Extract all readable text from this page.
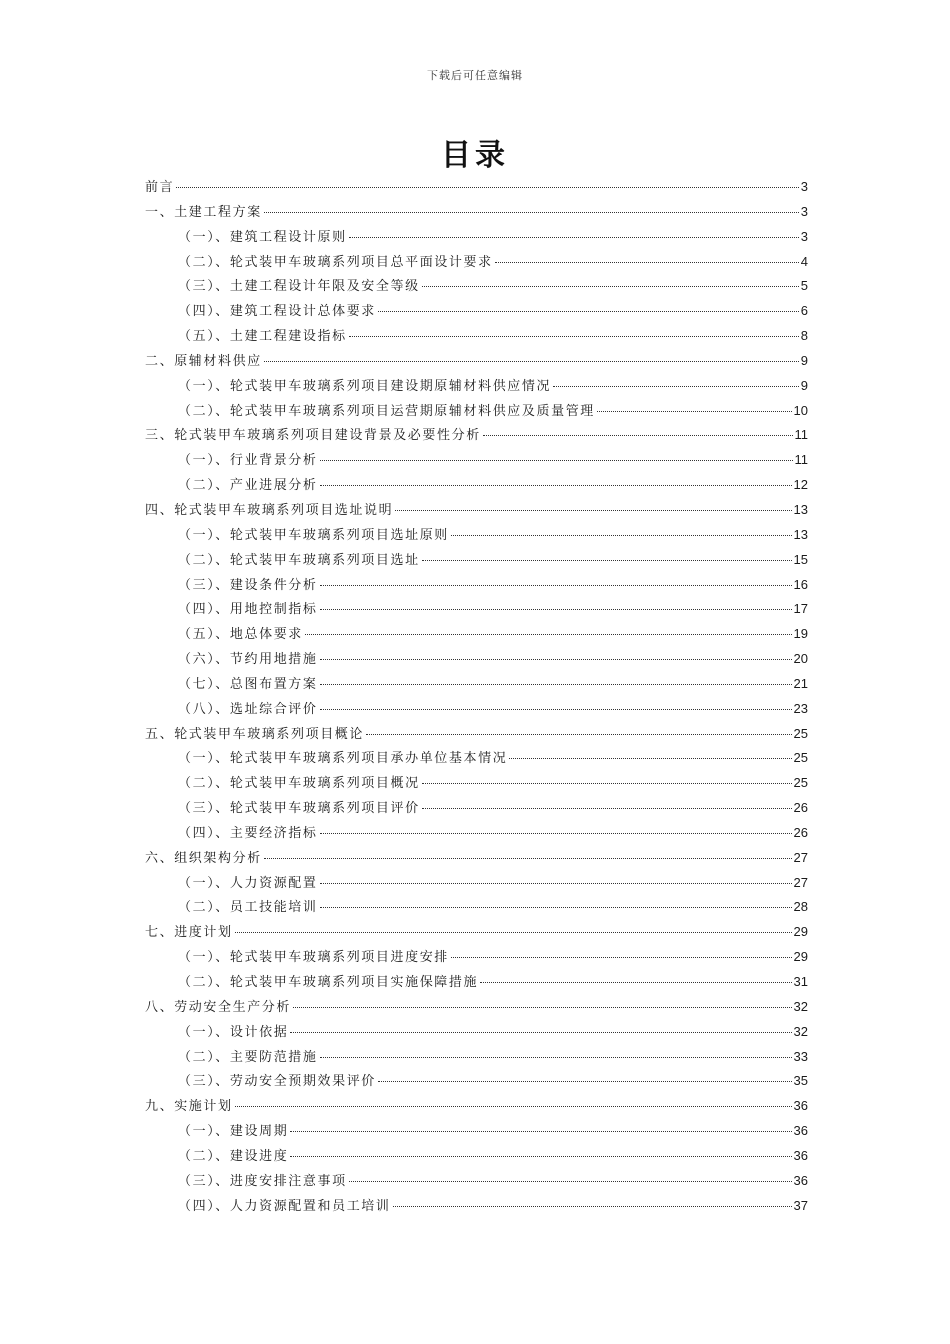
下载后可任意编辑
目录
前言	3
一、土建工程方案	3
（一）、建筑工程设计原则	3
（二）、轮式装甲车玻璃系列项目总平面设计要求	4
（三）、土建工程设计年限及安全等级	5
（四）、建筑工程设计总体要求	6
（五）、土建工程建设指标	8
二、原辅材料供应	9
（一）、轮式装甲车玻璃系列项目建设期原辅材料供应情况	9
（二）、轮式装甲车玻璃系列项目运营期原辅材料供应及质量管理	10
三、轮式装甲车玻璃系列项目建设背景及必要性分析	11
（一）、行业背景分析	11
（二）、产业进展分析	12
四、轮式装甲车玻璃系列项目选址说明	13
（一）、轮式装甲车玻璃系列项目选址原则	13
（二）、轮式装甲车玻璃系列项目选址	15
（三）、建设条件分析	16
（四）、用地控制指标	17
（五）、地总体要求	19
（六）、节约用地措施	20
（七）、总图布置方案	21
（八）、选址综合评价	23
五、轮式装甲车玻璃系列项目概论	25
（一）、轮式装甲车玻璃系列项目承办单位基本情况	25
（二）、轮式装甲车玻璃系列项目概况	25
（三）、轮式装甲车玻璃系列项目评价	26
（四）、主要经济指标	26
六、组织架构分析	27
（一）、人力资源配置	27
（二）、员工技能培训	28
七、进度计划	29
（一）、轮式装甲车玻璃系列项目进度安排	29
（二）、轮式装甲车玻璃系列项目实施保障措施	31
八、劳动安全生产分析	32
（一）、设计依据	32
（二）、主要防范措施	33
（三）、劳动安全预期效果评价	35
九、实施计划	36
（一）、建设周期	36
（二）、建设进度	36
（三）、进度安排注意事项	36
（四）、人力资源配置和员工培训	37
